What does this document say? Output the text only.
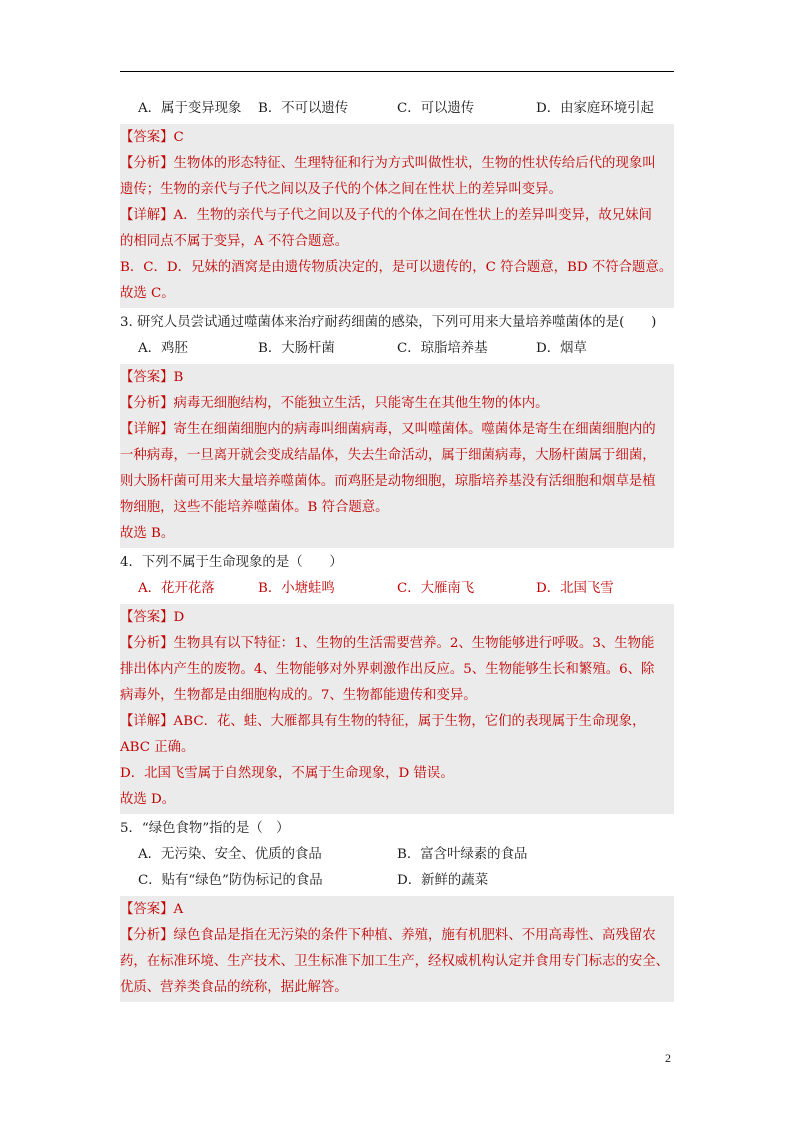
A．属于变异现象 B．不可以遗传	C．可以遗传	D．由家庭环境引起
【答案】C
【分析】生物体的形态特征、生理特征和行为方式叫做性状，生物的性状传给后代的现象叫
遗传；生物的亲代与子代之间以及子代的个体之间在性状上的差异叫变异。
【详解】A．生物的亲代与子代之间以及子代的个体之间在性状上的差异叫变异，故兄妹间
的相同点不属于变异，A 不符合题意。
B．C．D．兄妹的酒窝是由遗传物质决定的，是可以遗传的，C 符合题意，BD 不符合题意。
故选 C。
3. 研究人员尝试通过噬菌体来治疗耐药细菌的感染，下列可用来大量培养噬菌体的是(　　)
A．鸡胚	B．大肠杆菌	C．琼脂培养基	D．烟草
【答案】B
【分析】病毒无细胞结构，不能独立生活，只能寄生在其他生物的体内。
【详解】寄生在细菌细胞内的病毒叫细菌病毒，又叫噬菌体。噬菌体是寄生在细菌细胞内的
一种病毒，一旦离开就会变成结晶体，失去生命活动，属于细菌病毒，大肠杆菌属于细菌，
则大肠杆菌可用来大量培养噬菌体。而鸡胚是动物细胞，琼脂培养基没有活细胞和烟草是植
物细胞，这些不能培养噬菌体。B 符合题意。
故选 B。
4．下列不属于生命现象的是（　　）
A．花开花落	B．小塘蛙鸣	C．大雁南飞	D．北国飞雪
【答案】D
【分析】生物具有以下特征：1、生物的生活需要营养。2、生物能够进行呼吸。3、生物能
排出体内产生的废物。4、生物能够对外界刺激作出反应。5、生物能够生长和繁殖。6、除
病毒外，生物都是由细胞构成的。7、生物都能遗传和变异。
【详解】ABC．花、蛙、大雁都具有生物的特征，属于生物，它们的表现属于生命现象，
ABC 正确。
D．北国飞雪属于自然现象，不属于生命现象，D 错误。
故选 D。
5．“绿色食物”指的是（　）
A．无污染、安全、优质的食品	B．富含叶绿素的食品
C．贴有“绿色”防伪标记的食品	D．新鲜的蔬菜
【答案】A
【分析】绿色食品是指在无污染的条件下种植、养殖，施有机肥料、不用高毒性、高残留农
药，在标准环境、生产技术、卫生标准下加工生产，经权威机构认定并食用专门标志的安全、
优质、营养类食品的统称，据此解答。
2
